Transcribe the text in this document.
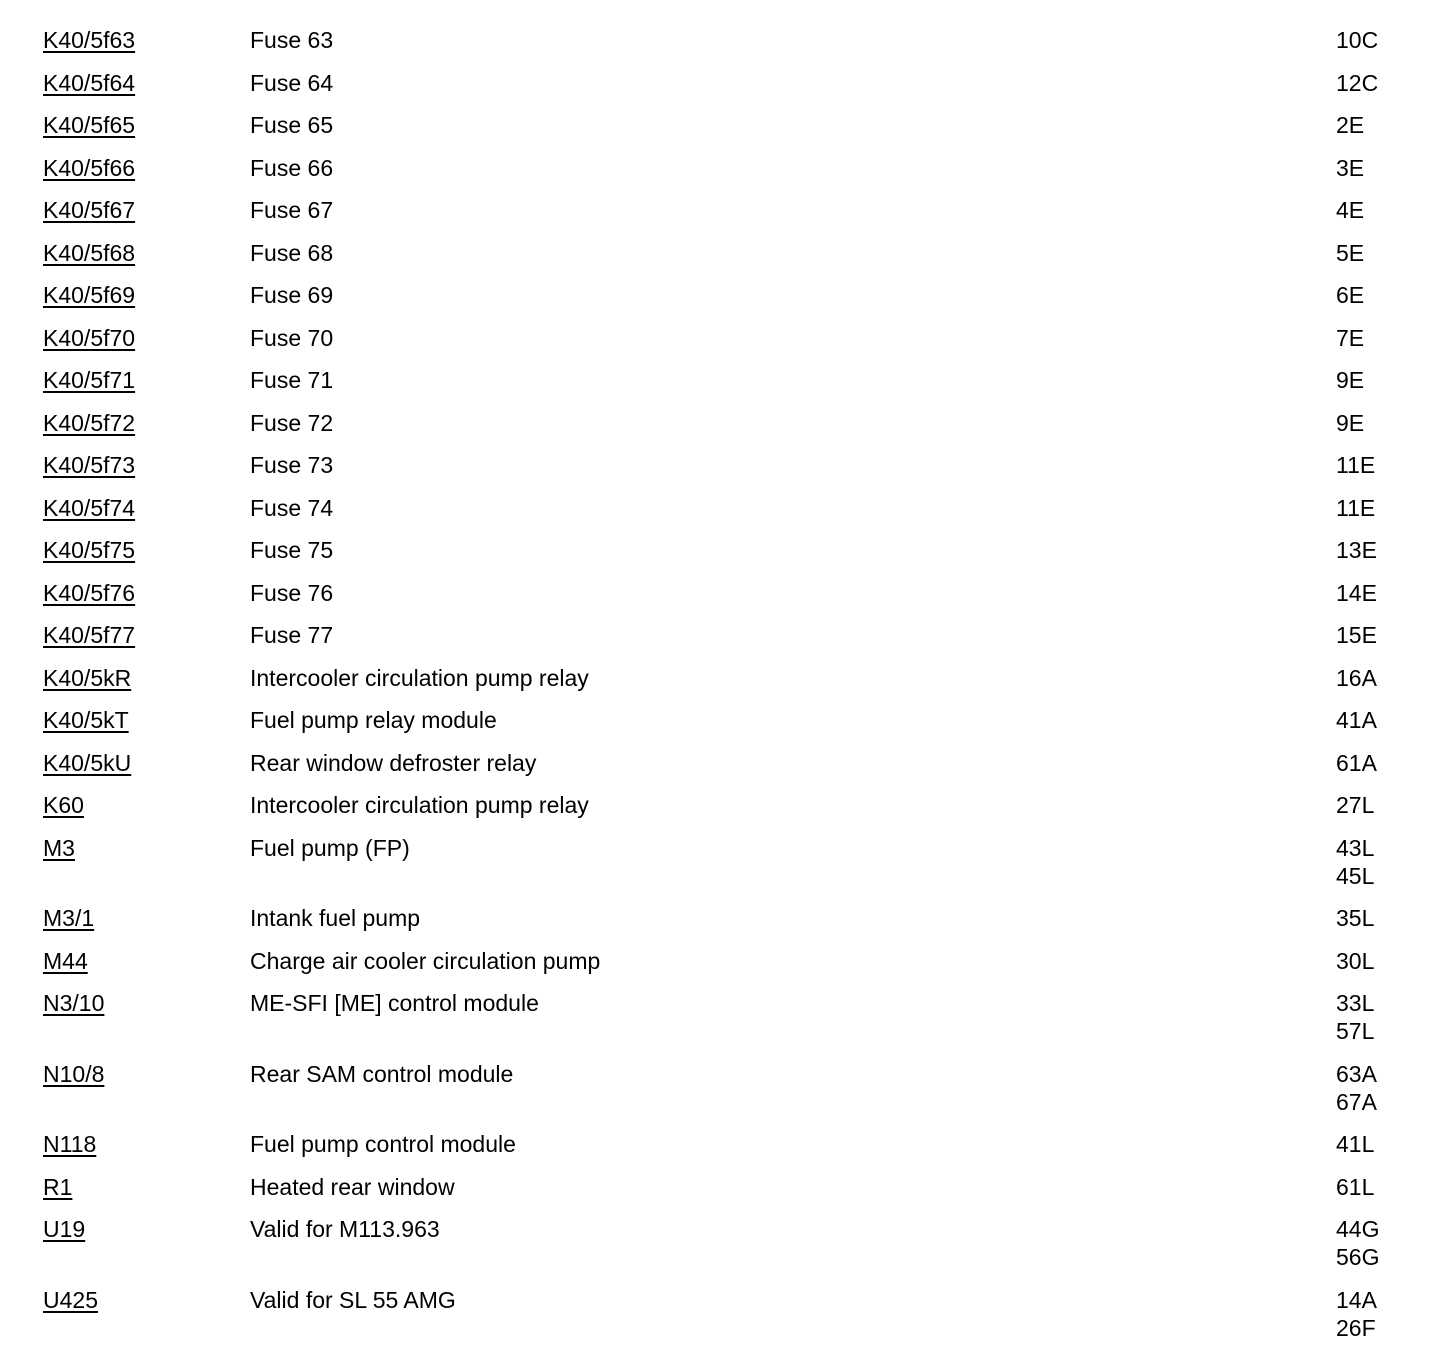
K40/5f63	Fuse 63	10C
K40/5f64	Fuse 64	12C
K40/5f65	Fuse 65	2E
K40/5f66	Fuse 66	3E
K40/5f67	Fuse 67	4E
K40/5f68	Fuse 68	5E
K40/5f69	Fuse 69	6E
K40/5f70	Fuse 70	7E
K40/5f71	Fuse 71	9E
K40/5f72	Fuse 72	9E
K40/5f73	Fuse 73	11E
K40/5f74	Fuse 74	11E
K40/5f75	Fuse 75	13E
K40/5f76	Fuse 76	14E
K40/5f77	Fuse 77	15E
K40/5kR	Intercooler circulation pump relay	16A
K40/5kT	Fuel pump relay module	41A
K40/5kU	Rear window defroster relay	61A
K60	Intercooler circulation pump relay	27L
M3	Fuel pump (FP)	43L
45L
M3/1	Intank fuel pump	35L
M44	Charge air cooler circulation pump	30L
N3/10	ME-SFI [ME] control module	33L
57L
N10/8	Rear SAM control module	63A
67A
N118	Fuel pump control module	41L
R1	Heated rear window	61L
U19	Valid for M113.963	44G
56G
U425	Valid for SL 55 AMG	14A
26F
